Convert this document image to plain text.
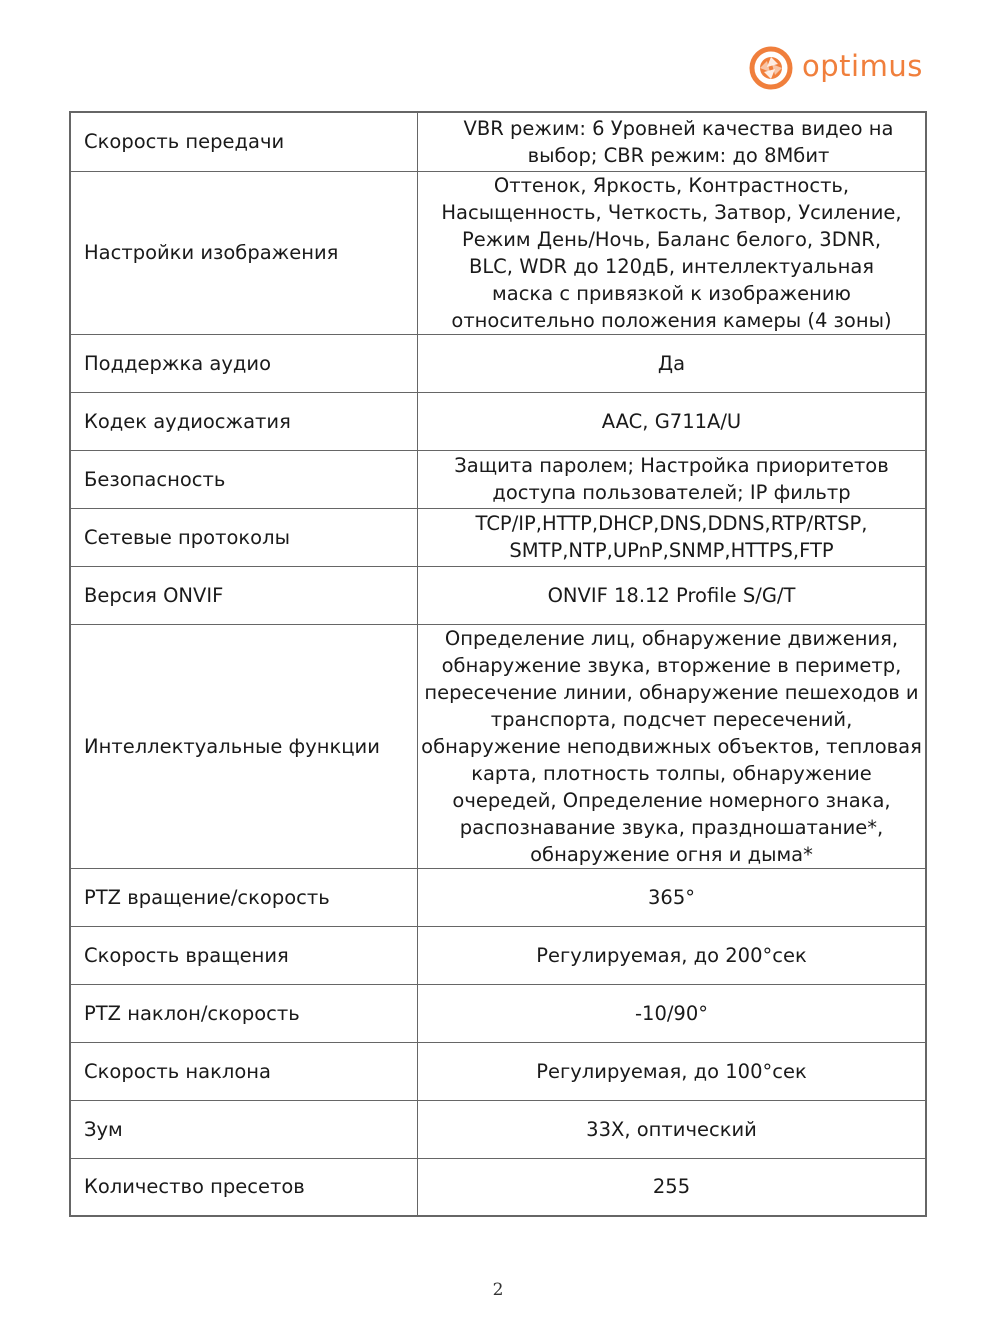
optimus
Скорость передачи	VBR режим: 6 Уровней качества видео на выбор; CBR режим: до 8Мбит
Настройки изображения	Оттенок, Яркость, Контрастность, Насыщенность, Четкость, Затвор, Усиление, Режим День/Ночь, Баланс белого, 3DNR, BLC, WDR до 120дБ, интеллектуальная маска с привязкой к изображению относительно положения камеры (4 зоны)
Поддержка аудио	Да
Кодек аудиосжатия	AAC, G711A/U
Безопасность	Защита паролем; Настройка приоритетов доступа пользователей; IP фильтр
Сетевые протоколы	TCP/IP,HTTP,DHCP,DNS,DDNS,RTP/RTSP, SMTP,NTP,UPnP,SNMP,HTTPS,FTP
Версия ONVIF	ONVIF 18.12 Profile S/G/T
Интеллектуальные функции	Определение лиц, обнаружение движения, обнаружение звука, вторжение в периметр, пересечение линии, обнаружение пешеходов и транспорта, подсчет пересечений, обнаружение неподвижных объектов, тепловая карта, плотность толпы, обнаружение очередей, Определение номерного знака, распознавание звука, праздношатание*, обнаружение огня и дыма*
PTZ вращение/скорость	365°
Скорость вращения	Регулируемая, до 200°сек
PTZ наклон/скорость	-10/90°
Скорость наклона	Регулируемая, до 100°сек
Зум	33X, оптический
Количество пресетов	255
2
